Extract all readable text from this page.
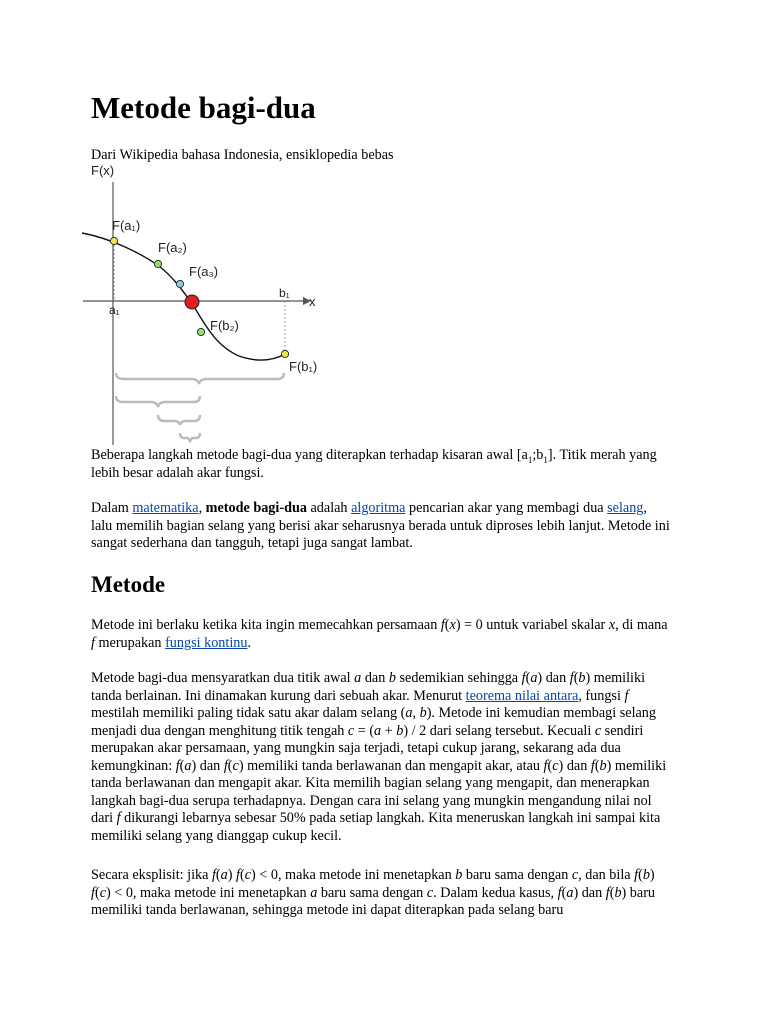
Metode bagi-dua

Dari Wikipedia bahasa Indonesia, ensiklopedia bebas

F(x)
x
a₁
b₁
F(a₁)
F(a₂)
F(a₃)
F(b₂)
F(b₁)

Beberapa langkah metode bagi-dua yang diterapkan terhadap kisaran awal $[a_1;b_1]$. Titik merah yang lebih besar adalah akar fungsi.

Dalam matematika, metode bagi-dua adalah algoritma pencarian akar yang membagi dua selang, lalu memilih bagian selang yang berisi akar seharusnya berada untuk diproses lebih lanjut. Metode ini sangat sederhana dan tangguh, tetapi juga sangat lambat.

Metode

Metode ini berlaku ketika kita ingin memecahkan persamaan f(x) = 0 untuk variabel skalar x, di mana f merupakan fungsi kontinu.

Metode bagi-dua mensyaratkan dua titik awal a dan b sedemikian sehingga f(a) dan f(b) memiliki tanda berlainan. Ini dinamakan kurung dari sebuah akar. Menurut teorema nilai antara, fungsi f mestilah memiliki paling tidak satu akar dalam selang (a, b). Metode ini kemudian membagi selang menjadi dua dengan menghitung titik tengah c = (a + b) / 2 dari selang tersebut. Kecuali c sendiri merupakan akar persamaan, yang mungkin saja terjadi, tetapi cukup jarang, sekarang ada dua kemungkinan: f(a) dan f(c) memiliki tanda berlawanan dan mengapit akar, atau f(c) dan f(b) memiliki tanda berlawanan dan mengapit akar. Kita memilih bagian selang yang mengapit, dan menerapkan langkah bagi-dua serupa terhadapnya. Dengan cara ini selang yang mungkin mengandung nilai nol dari f dikurangi lebarnya sebesar 50% pada setiap langkah. Kita meneruskan langkah ini sampai kita memiliki selang yang dianggap cukup kecil.

Secara eksplisit: jika f(a) f(c) < 0, maka metode ini menetapkan b baru sama dengan c, dan bila f(b) f(c) < 0, maka metode ini menetapkan a baru sama dengan c. Dalam kedua kasus, f(a) dan f(b) baru memiliki tanda berlawanan, sehingga metode ini dapat diterapkan pada selang baru
